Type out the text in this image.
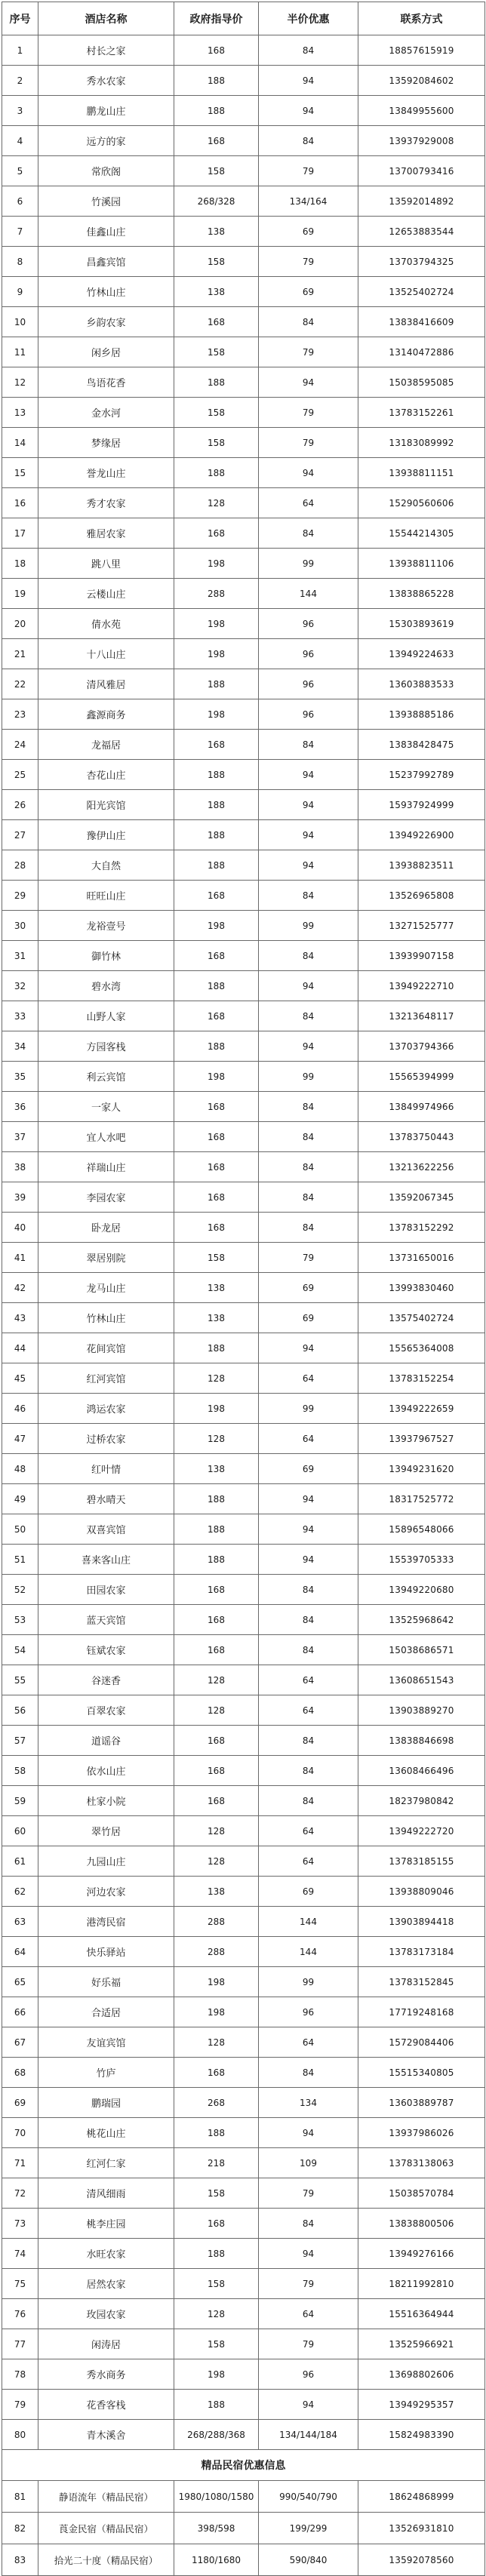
序号	酒店名称	政府指导价	半价优惠	联系方式
1	村长之家	168	84	18857615919
2	秀水农家	188	94	13592084602
3	鹏龙山庄	188	94	13849955600
4	远方的家	168	84	13937929008
5	常欣阁	158	79	13700793416
6	竹溪园	268/328	134/164	13592014892
7	佳鑫山庄	138	69	12653883544
8	昌鑫宾馆	158	79	13703794325
9	竹林山庄	138	69	13525402724
10	乡韵农家	168	84	13838416609
11	闲乡居	158	79	13140472886
12	鸟语花香	188	94	15038595085
13	金水河	158	79	13783152261
14	梦缘居	158	79	13183089992
15	誉龙山庄	188	94	13938811151
16	秀才农家	128	64	15290560606
17	雅居农家	168	84	15544214305
18	跳八里	198	99	13938811106
19	云楼山庄	288	144	13838865228
20	倩水苑	198	96	15303893619
21	十八山庄	198	96	13949224633
22	清风雅居	188	96	13603883533
23	鑫源商务	198	96	13938885186
24	龙福居	168	84	13838428475
25	杏花山庄	188	94	15237992789
26	阳光宾馆	188	94	15937924999
27	豫伊山庄	188	94	13949226900
28	大自然	188	94	13938823511
29	旺旺山庄	168	84	13526965808
30	龙裕壹号	198	99	13271525777
31	御竹林	168	84	13939907158
32	碧水湾	188	94	13949222710
33	山野人家	168	84	13213648117
34	方园客栈	188	94	13703794366
35	利云宾馆	198	99	15565394999
36	一家人	168	84	13849974966
37	宜人水吧	168	84	13783750443
38	祥瑞山庄	168	84	13213622256
39	李园农家	168	84	13592067345
40	卧龙居	168	84	13783152292
41	翠居别院	158	79	13731650016
42	龙马山庄	138	69	13993830460
43	竹林山庄	138	69	13575402724
44	花间宾馆	188	94	15565364008
45	红河宾馆	128	64	13783152254
46	鸿运农家	198	99	13949222659
47	过桥农家	128	64	13937967527
48	红叶情	138	69	13949231620
49	碧水晴天	188	94	18317525772
50	双喜宾馆	188	94	15896548066
51	喜来客山庄	188	94	15539705333
52	田园农家	168	84	13949220680
53	蓝天宾馆	168	84	13525968642
54	钰斌农家	168	84	15038686571
55	谷迷香	128	64	13608651543
56	百翠农家	128	64	13903889270
57	道谣谷	168	84	13838846698
58	依水山庄	168	84	13608466496
59	杜家小院	168	84	18237980842
60	翠竹居	128	64	13949222720
61	九园山庄	128	64	13783185155
62	河边农家	138	69	13938809046
63	港湾民宿	288	144	13903894418
64	快乐驿站	288	144	13783173184
65	好乐福	198	99	13783152845
66	合适居	198	96	17719248168
67	友谊宾馆	128	64	15729084406
68	竹庐	168	84	15515340805
69	鹏瑞园	268	134	13603889787
70	桃花山庄	188	94	13937986026
71	红河仁家	218	109	13783138063
72	清风细雨	158	79	15038570784
73	桃李庄园	168	84	13838800506
74	水旺农家	188	94	13949276166
75	居然农家	158	79	18211992810
76	玫园农家	128	64	15516364944
77	闲涛居	158	79	13525966921
78	秀水商务	198	96	13698802606
79	花香客栈	188	94	13949295357
80	青木溪舍	268/288/368	134/144/184	15824983390
精品民宿优惠信息				
81	静语流年（精品民宿）	1980/1080/1580	990/540/790	18624868999
82	莨金民宿（精品民宿）	398/598	199/299	13526931810
83	拾光二十度（精品民宿）	1180/1680	590/840	13592078560
